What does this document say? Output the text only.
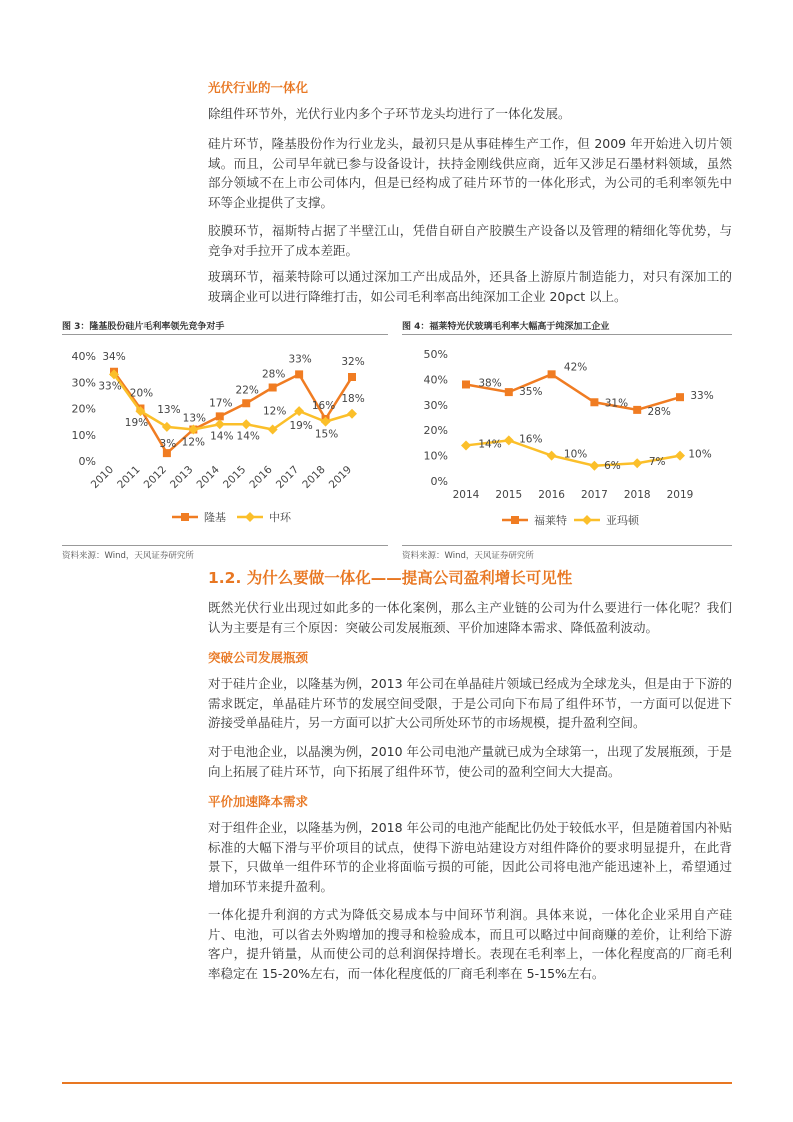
光伏行业的一体化

除组件环节外，光伏行业内多个子环节龙头均进行了一体化发展。

硅片环节，隆基股份作为行业龙头，最初只是从事硅棒生产工作，但 2009 年开始进入切片领域。而且，公司早年就已参与设备设计，扶持金刚线供应商，近年又涉足石墨材料领域，虽然部分领域不在上市公司体内，但是已经构成了硅片环节的一体化形式，为公司的毛利率领先中环等企业提供了支撑。

胶膜环节，福斯特占据了半壁江山，凭借自研自产胶膜生产设备以及管理的精细化等优势，与竞争对手拉开了成本差距。

玻璃环节，福莱特除可以通过深加工产出成品外，还具备上游原片制造能力，对只有深加工的玻璃企业可以进行降维打击，如公司毛利率高出纯深加工企业 20pct 以上。

图 3：隆基股份硅片毛利率领先竞争对手
0%
10%
20%
30%
40%
2010 2011 2012 2013 2014 2015 2016 2017 2018 2019
34%
20%
3%
13%
17%
22%
28%
33%
16%
32%
33%
19%
13%
12%
14% 14%
12%
19%
15%
18%
隆基	中环
资料来源：Wind，天风证券研究所
图 4：福莱特光伏玻璃毛利率大幅高于纯深加工企业
0%
10%
20%
30%
40%
50%
2014 2015 2016 2017 2018 2019
38%
35%
42%
31%
28%
33%
14% 16%
10%
6%	7%
10%
福莱特	亚玛顿
资料来源：Wind，天风证券研究所
1.2. 为什么要做一体化——提高公司盈利增长可见性

既然光伏行业出现过如此多的一体化案例，那么主产业链的公司为什么要进行一体化呢？我们认为主要是有三个原因：突破公司发展瓶颈、平价加速降本需求、降低盈利波动。

突破公司发展瓶颈

对于硅片企业，以隆基为例，2013 年公司在单晶硅片领域已经成为全球龙头，但是由于下游的需求既定，单晶硅片环节的发展空间受限，于是公司向下布局了组件环节，一方面可以促进下游接受单晶硅片，另一方面可以扩大公司所处环节的市场规模，提升盈利空间。

对于电池企业，以晶澳为例，2010 年公司电池产量就已成为全球第一，出现了发展瓶颈，于是向上拓展了硅片环节，向下拓展了组件环节，使公司的盈利空间大大提高。

平价加速降本需求

对于组件企业，以隆基为例，2018 年公司的电池产能配比仍处于较低水平，但是随着国内补贴标准的大幅下滑与平价项目的试点，使得下游电站建设方对组件降价的要求明显提升，在此背景下，只做单一组件环节的企业将面临亏损的可能，因此公司将电池产能迅速补上，希望通过增加环节来提升盈利。

一体化提升利润的方式为降低交易成本与中间环节利润。具体来说，一体化企业采用自产硅片、电池，可以省去外购增加的搜寻和检验成本，而且可以略过中间商赚的差价，让利给下游客户，提升销量，从而使公司的总利润保持增长。表现在毛利率上，一体化程度高的厂商毛利率稳定在 15-20%左右，而一体化程度低的厂商毛利率在 5-15%左右。
